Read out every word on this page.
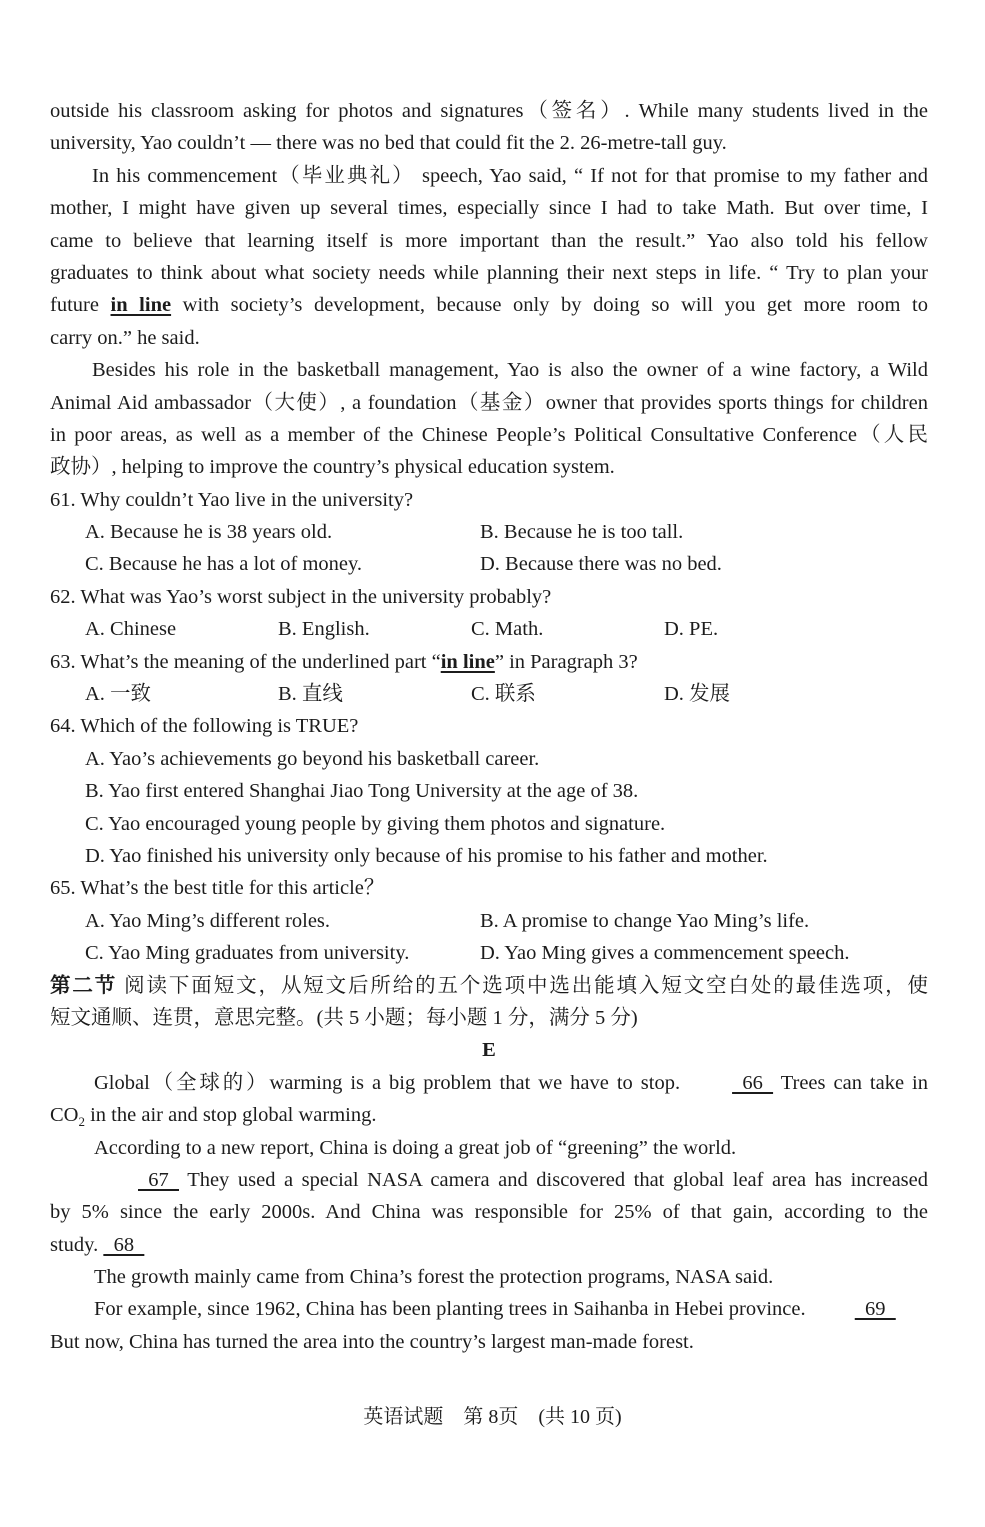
outside his classroom asking for photos and signatures（签名）. While many students lived in the
university, Yao couldn’t — there was no bed that could fit the 2. 26-metre-tall guy.
In his commencement（毕业典礼） speech, Yao said, “ If not for that promise to my father and
mother, I might have given up several times, especially since I had to take Math. But over time, I
came to believe that learning itself is more important than the result.” Yao also told his fellow
graduates to think about what society needs while planning their next steps in life. “ Try to plan your
future in line with society’s development, because only by doing so will you get more room to
carry on.” he said.
Besides his role in the basketball management, Yao is also the owner of a wine factory, a Wild
Animal Aid ambassador（大使）, a foundation（基金）owner that provides sports things for children
in poor areas, as well as a member of the Chinese People’s Political Consultative Conference（人民
政协）, helping to improve the country’s physical education system.
61. Why couldn’t Yao live in the university?
A. Because he is 38 years old.	B. Because he is too tall.
C. Because he has a lot of money.	D. Because there was no bed.
62. What was Yao’s worst subject in the university probably?
A. Chinese	B. English.	C. Math.	D. PE.
63. What’s the meaning of the underlined part “in line” in Paragraph 3?
A. 一致	B. 直线	C. 联系	D. 发展
64. Which of the following is TRUE?
A. Yao’s achievements go beyond his basketball career.
B. Yao first entered Shanghai Jiao Tong University at the age of 38.
C. Yao encouraged young people by giving them photos and signature.
D. Yao finished his university only because of his promise to his father and mother.
65. What’s the best title for this article？
A. Yao Ming’s different roles.	B. A promise to change Yao Ming’s life.
C. Yao Ming graduates from university.	D. Yao Ming gives a commencement speech.
第二节 阅读下面短文，从短文后所给的五个选项中选出能填入短文空白处的最佳选项，使
短文通顺、连贯，意思完整。(共 5 小题；每小题 1 分，满分 5 分)
E
Global（全球的）warming is a big problem that we have to stop.	66   Trees can take in
$CO_2$ in the air and stop global warming.
According to a new report, China is doing a great job of “greening” the world.
67   They used a special NASA camera and discovered that global leaf area has increased
by 5% since the early 2000s. And China was responsible for 25% of that gain, according to the
study.   68
The growth mainly came from China’s forest the protection programs, NASA said.
For example, since 1962, China has been planting trees in Saihanba in Hebei province.   69
But now, China has turned the area into the country’s largest man-made forest.
英语试题　第 8页　(共 10 页)
